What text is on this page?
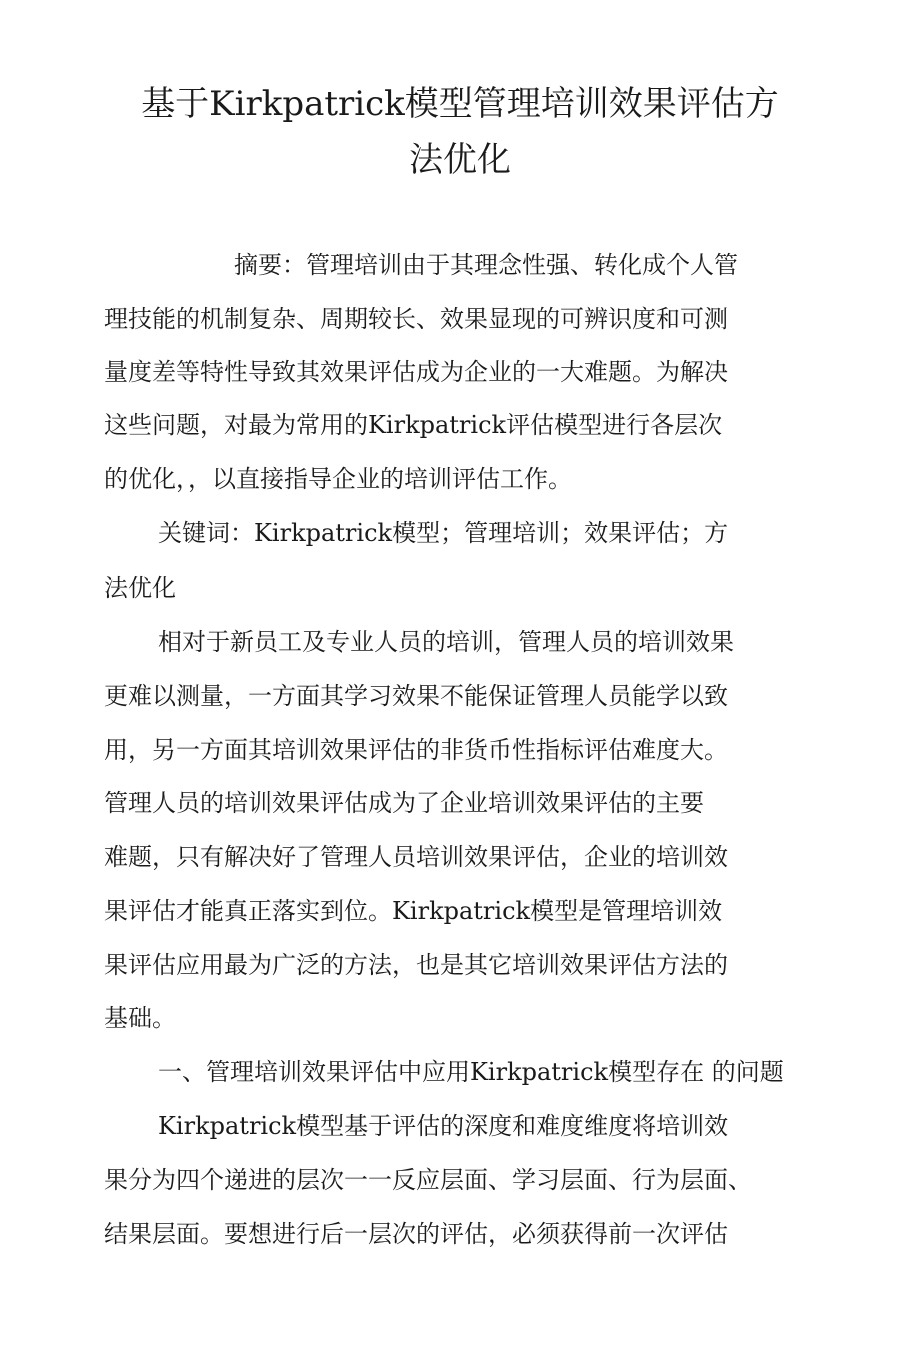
基于Kirkpatrick模型管理培训效果评估方
法优化
摘要：管理培训由于其理念性强、转化成个人管
理技能的机制复杂、周期较长、效果显现的可辨识度和可测
量度差等特性导致其效果评估成为企业的一大难题。为解决
这些问题，对最为常用的Kirkpatrick评估模型进行各层次
的优化，，以直接指导企业的培训评估工作。
关键词：Kirkpatrick模型；管理培训；效果评估；方
法优化
相对于新员工及专业人员的培训，管理人员的培训效果
更难以测量，一方面其学习效果不能保证管理人员能学以致
用，另一方面其培训效果评估的非货币性指标评估难度大。
管理人员的培训效果评估成为了企业培训效果评估的主要
难题，只有解决好了管理人员培训效果评估，企业的培训效
果评估才能真正落实到位。Kirkpatrick模型是管理培训效
果评估应用最为广泛的方法，也是其它培训效果评估方法的
基础。
一、管理培训效果评估中应用Kirkpatrick模型存在 的问题
Kirkpatrick模型基于评估的深度和难度维度将培训效
果分为四个递进的层次一一反应层面、学习层面、行为层面、
结果层面。要想进行后一层次的评估，必须获得前一次评估
